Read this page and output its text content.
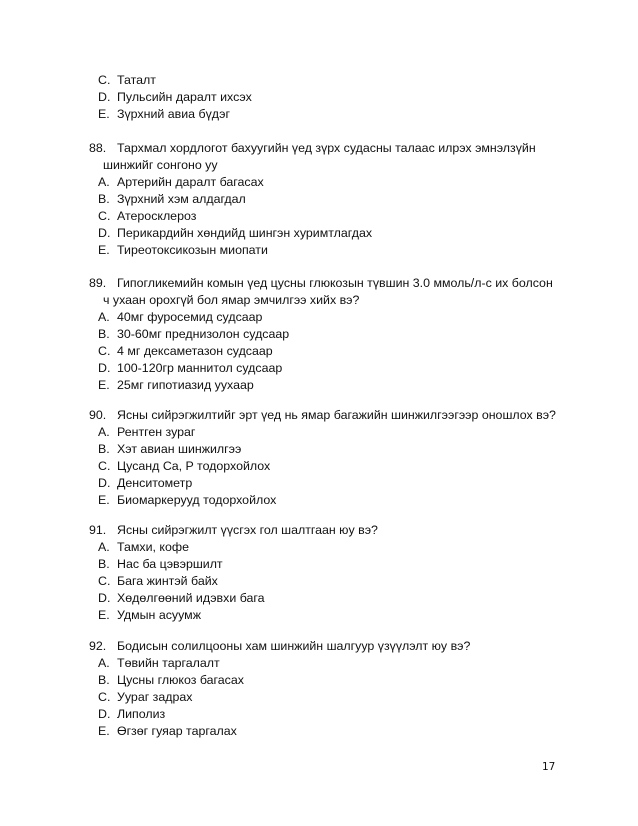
C. Таталт
D. Пульсийн даралт ихсэх
E. Зүрхний авиа бүдэг
88. Тархмал хордлогот бахуугийн үед зүрх судасны талаас илрэх эмнэлзүйн
шинжийг сонгоно уу
A. Артерийн даралт багасах
B. Зүрхний хэм алдагдал
C. Атеросклероз
D. Перикардийн хөндийд шингэн хуримтлагдах
E. Тиреотоксикозын миопати
89. Гипогликемийн комын үед цусны глюкозын түвшин 3.0 ммоль/л-с их болсон
ч ухаан орохгүй бол ямар эмчилгээ хийх вэ?
A. 40мг фуросемид судсаар
B. 30-60мг преднизолон судсаар
C. 4 мг дексаметазон судсаар
D. 100-120гр маннитол судсаар
E. 25мг гипотиазид уухаар
90. Ясны сийрэгжилтийг эрт үед нь ямар багажийн шинжилгээгээр оношлох вэ?
A. Рентген зураг
B. Хэт авиан шинжилгээ
C. Цусанд Ca, P тодорхойлох
D. Денситометр
E. Биомаркерууд тодорхойлох
91. Ясны сийрэгжилт үүсгэх гол шалтгаан юу вэ?
A. Тамхи, кофе
B. Нас ба цэвэршилт
C. Бага жинтэй байх
D. Хөдөлгөөний идэвхи бага
E. Удмын асуумж
92. Бодисын солилцооны хам шинжийн шалгуур үзүүлэлт юу вэ?
A. Төвийн таргалалт
B. Цусны глюкоз багасах
C. Уураг задрах
D. Липолиз
E. Өгзөг гуяар таргалах
17
